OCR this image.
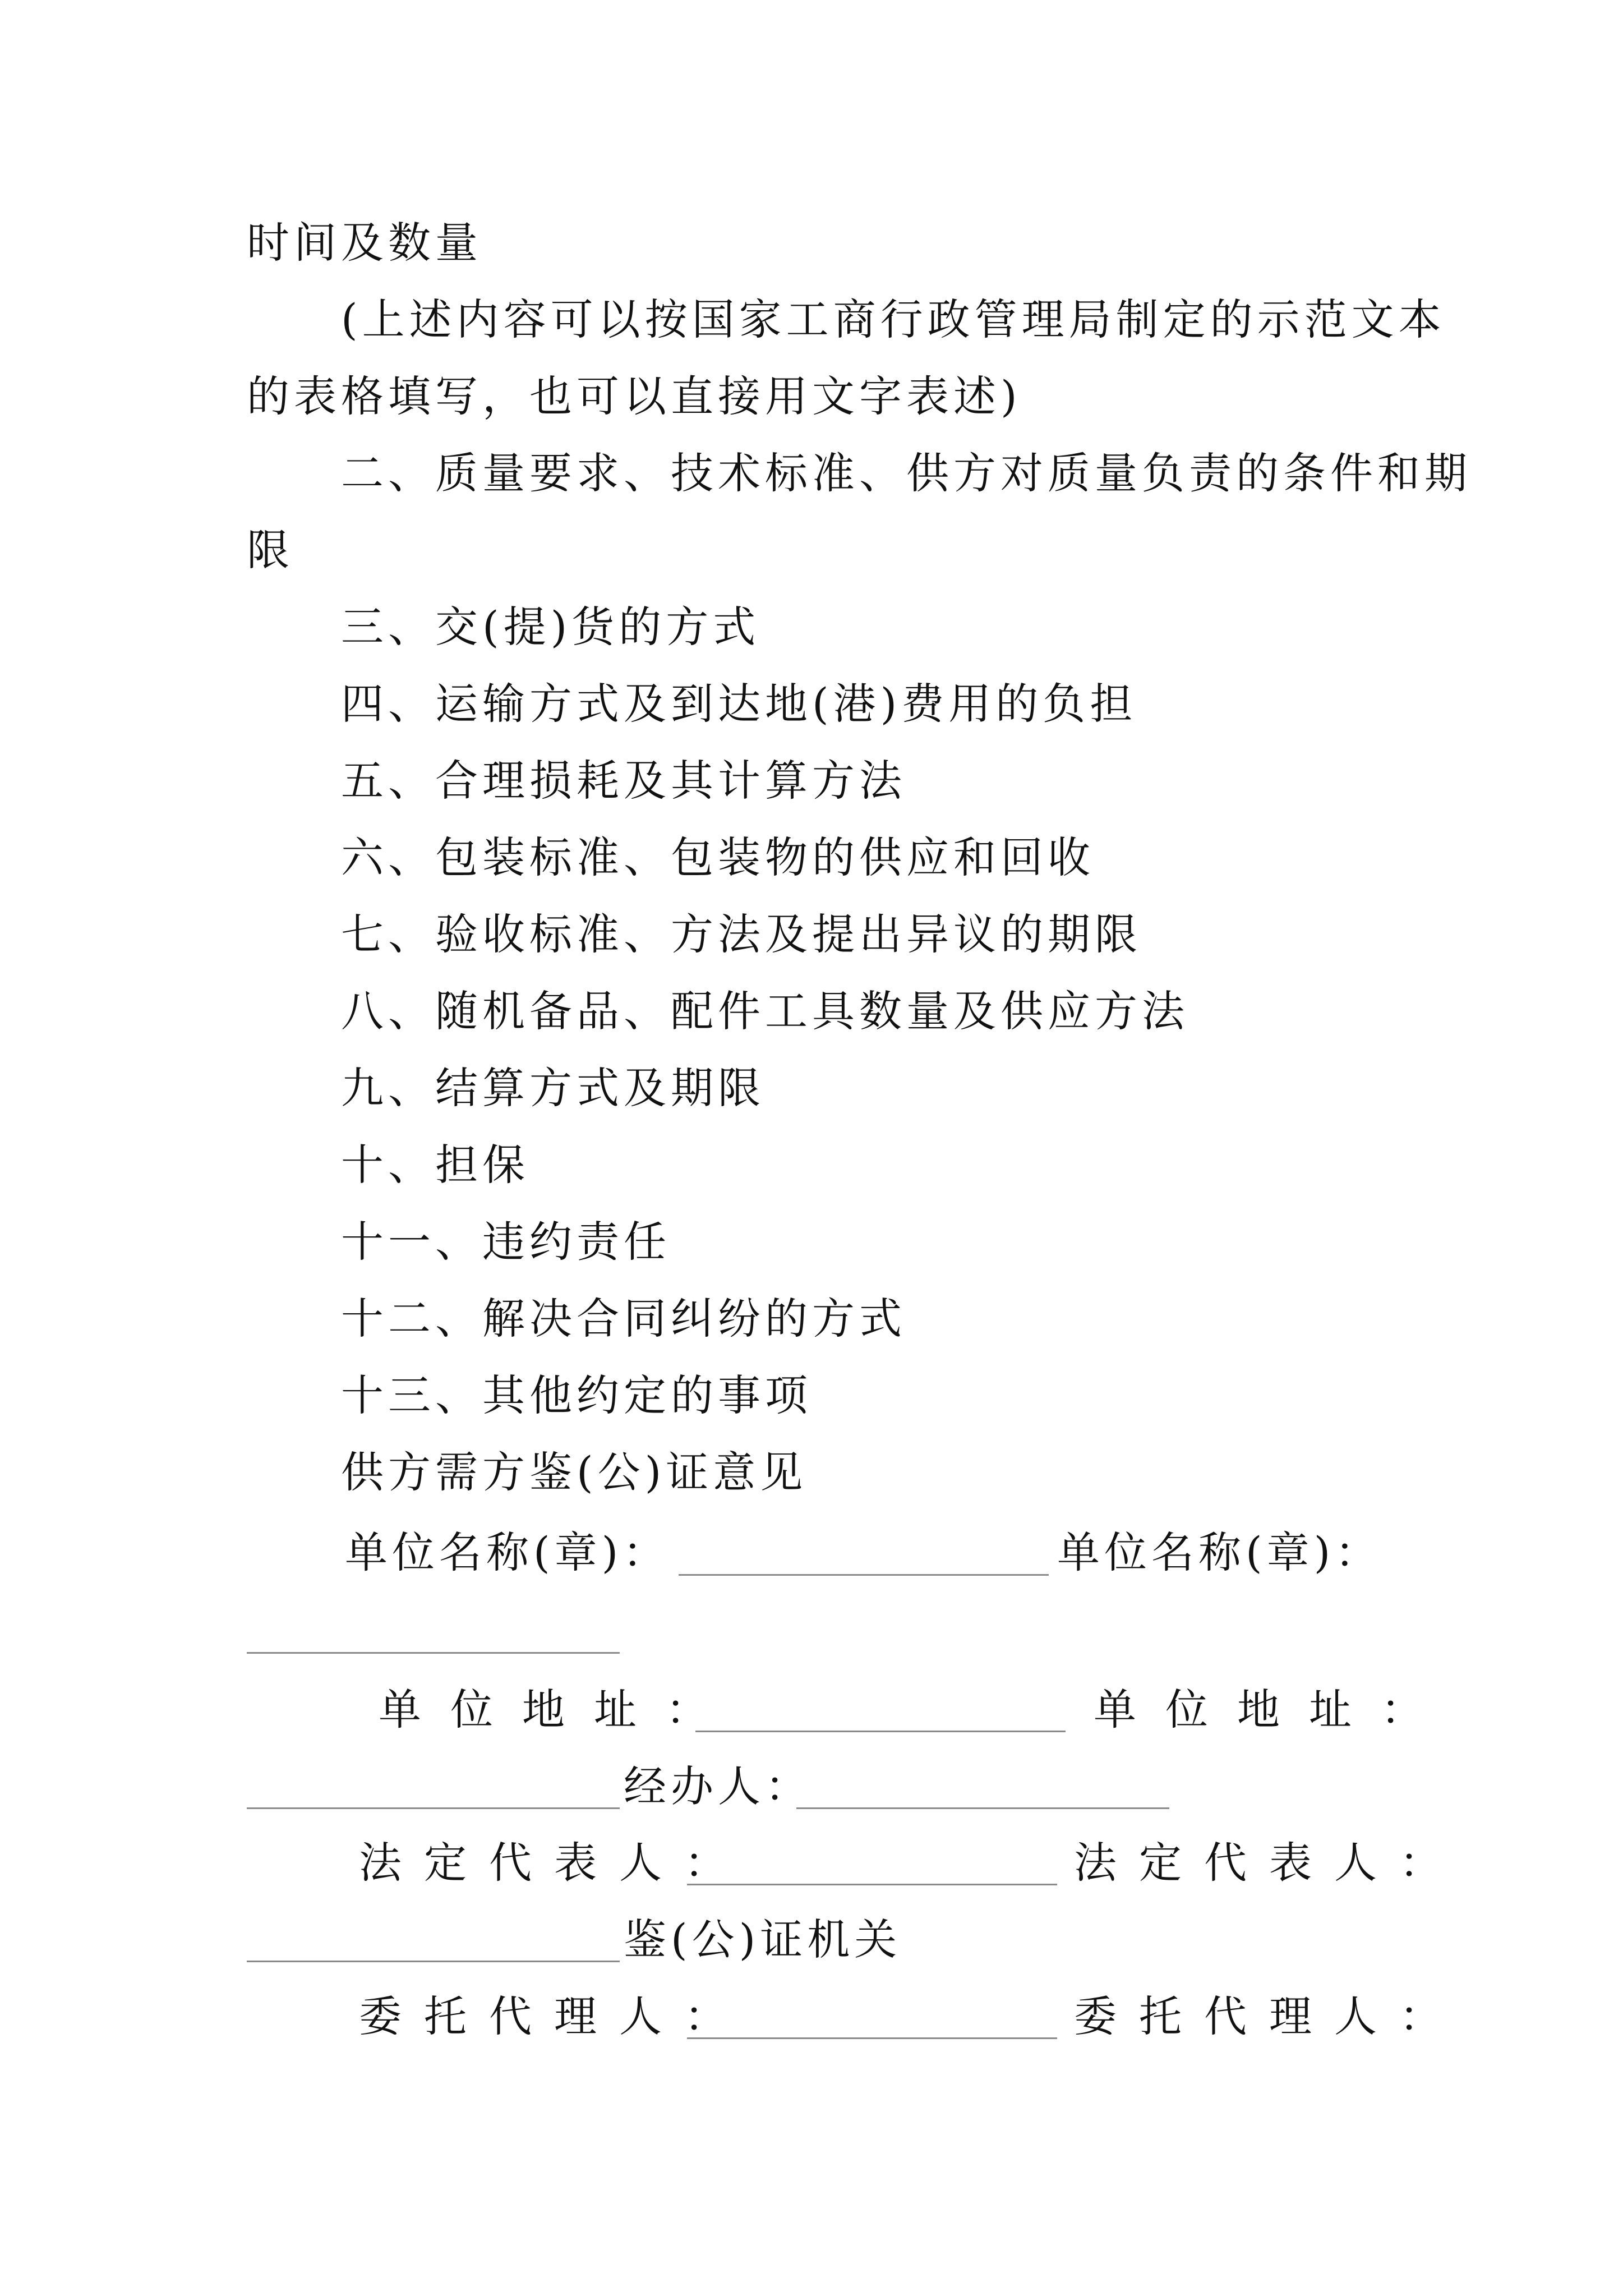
时间及数量
(上述内容可以按国家工商行政管理局制定的示范文本
的表格填写，也可以直接用文字表述)
二、质量要求、技术标准、供方对质量负责的条件和期
限
三、交(提)货的方式
四、运输方式及到达地(港)费用的负担
五、合理损耗及其计算方法
六、包装标准、包装物的供应和回收
七、验收标准、方法及提出异议的期限
八、随机备品、配件工具数量及供应方法
九、结算方式及期限
十、担保
十一、违约责任
十二、解决合同纠纷的方式
十三、其他约定的事项
供方需方鉴(公)证意见
单位名称(章)：	单位名称(章)：
单位地址：	单位地址：
经办人：
法定代表人：	法定代表人：
鉴(公)证机关
委托代理人：	委托代理人：
